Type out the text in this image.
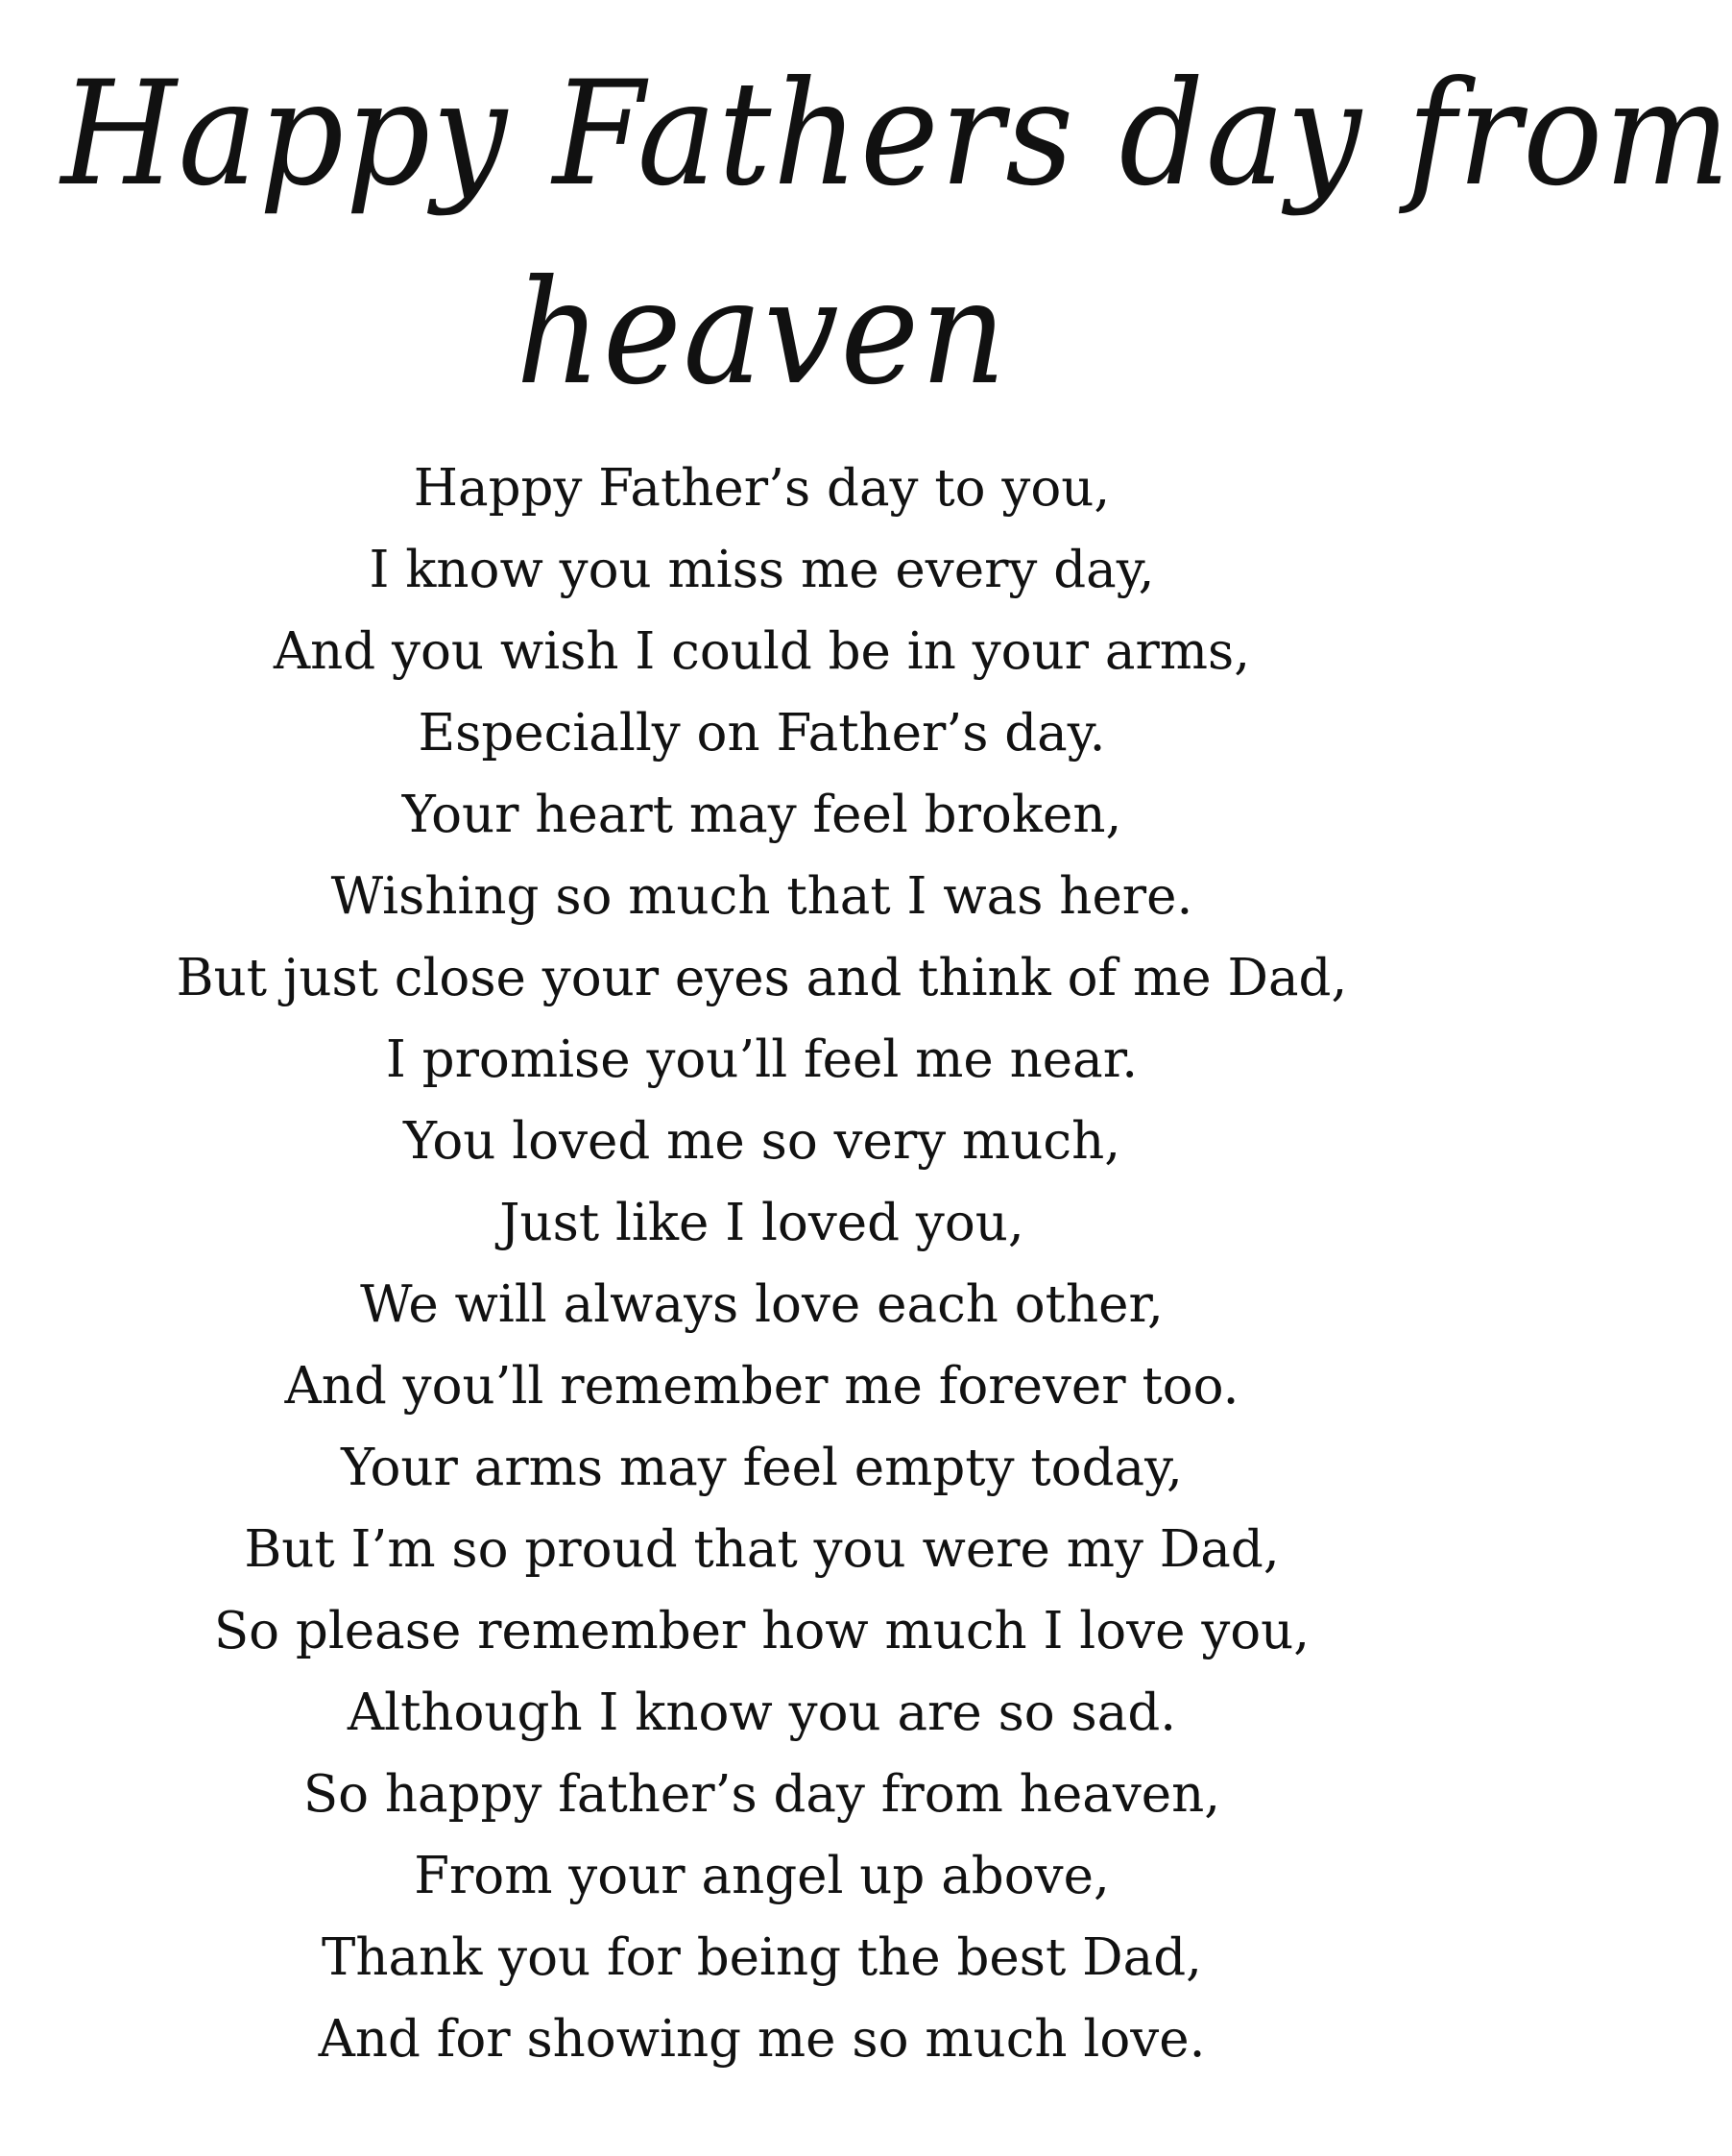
Happy Fathers day from
heaven
Happy Father’s day to you,
I know you miss me every day,
And you wish I could be in your arms,
Especially on Father’s day.
Your heart may feel broken,
Wishing so much that I was here.
But just close your eyes and think of me Dad,
I promise you’ll feel me near.
You loved me so very much,
Just like I loved you,
We will always love each other,
And you’ll remember me forever too.
Your arms may feel empty today,
But I’m so proud that you were my Dad,
So please remember how much I love you,
Although I know you are so sad.
So happy father’s day from heaven,
From your angel up above,
Thank you for being the best Dad,
And for showing me so much love.
